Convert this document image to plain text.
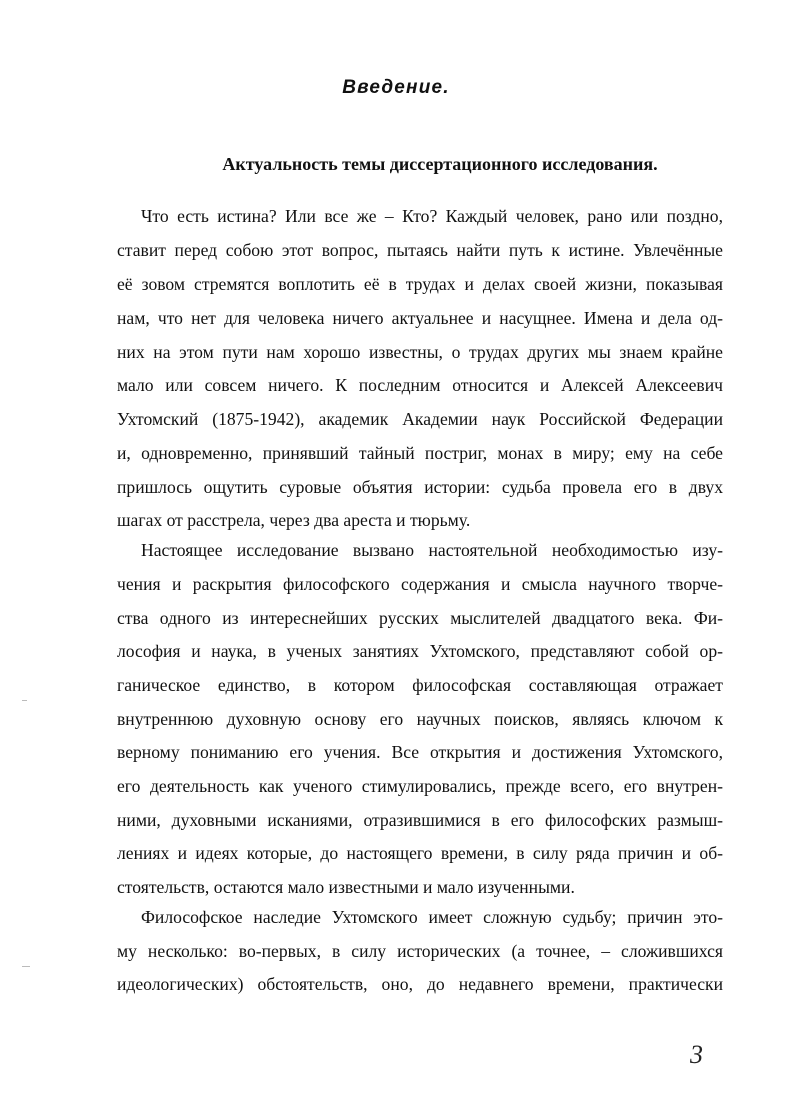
Введение.
Актуальность темы диссертационного исследования.
Что есть истина? Или все же – Кто? Каждый человек, рано или поздно,
ставит перед собою этот вопрос, пытаясь найти путь к истине. Увлечённые
её зовом стремятся воплотить её в трудах и делах своей жизни, показывая
нам, что нет для человека ничего актуальнее и насущнее. Имена и дела од-
них на этом пути нам хорошо известны, о трудах других мы знаем крайне
мало или совсем ничего. К последним относится и Алексей Алексеевич
Ухтомский (1875-1942), академик Академии наук Российской Федерации
и, одновременно, принявший тайный постриг, монах в миру; ему на себе
пришлось ощутить суровые объятия истории: судьба провела его в двух
шагах от расстрела, через два ареста и тюрьму.
Настоящее исследование вызвано настоятельной необходимостью изу-
чения и раскрытия философского содержания и смысла научного творче-
ства одного из интереснейших русских мыслителей двадцатого века. Фи-
лософия и наука, в ученых занятиях Ухтомского, представляют собой ор-
ганическое единство, в котором философская составляющая отражает
внутреннюю духовную основу его научных поисков, являясь ключом к
верному пониманию его учения. Все открытия и достижения Ухтомского,
его деятельность как ученого стимулировались, прежде всего, его внутрен-
ними, духовными исканиями, отразившимися в его философских размыш-
лениях и идеях которые, до настоящего времени, в силу ряда причин и об-
стоятельств, остаются мало известными и мало изученными.
Философское наследие Ухтомского имеет сложную судьбу; причин это-
му несколько: во-первых, в силу исторических (а точнее, – сложившихся
идеологических) обстоятельств, оно, до недавнего времени, практически
3
